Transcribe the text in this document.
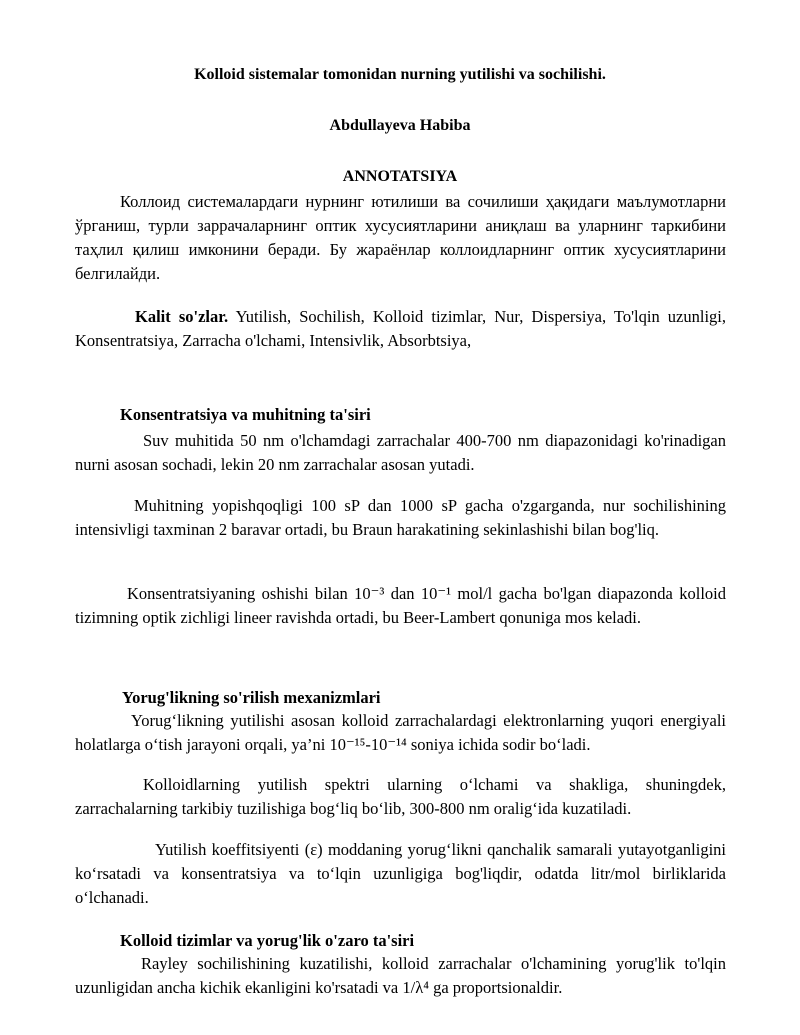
Kolloid sistemalar tomonidan nurning yutilishi va sochilishi.
Abdullayeva Habiba
ANNOTATSIYA

Коллоид системалардаги нурнинг ютилиши ва сочилиши ҳақидаги маълумотларни ўрганиш, турли заррачаларнинг оптик хусусиятларини аниқлаш ва уларнинг таркибини таҳлил қилиш имконини беради. Бу жараёнлар коллоидларнинг оптик хусусиятларини белгилайди.

Kalit so'zlar. Yutilish, Sochilish, Kolloid tizimlar, Nur, Dispersiya, To'lqin uzunligi, Konsentratsiya, Zarracha o'lchami, Intensivlik, Absorbtsiya,

Konsentratsiya va muhitning ta'siri

Suv muhitida 50 nm o'lchamdagi zarrachalar 400-700 nm diapazonidagi ko'rinadigan nurni asosan sochadi, lekin 20 nm zarrachalar asosan yutadi.

Muhitning yopishqoqligi 100 sP dan 1000 sP gacha o'zgarganda, nur sochilishining intensivligi taxminan 2 baravar ortadi, bu Braun harakatining sekinlashishi bilan bog'liq.

Konsentratsiyaning oshishi bilan 10⁻³ dan 10⁻¹ mol/l gacha bo'lgan diapazonda kolloid tizimning optik zichligi lineer ravishda ortadi, bu Beer-Lambert qonuniga mos keladi.

Yorug'likning so'rilish mexanizmlari

Yorug‘likning yutilishi asosan kolloid zarrachalardagi elektronlarning yuqori energiyali holatlarga o‘tish jarayoni orqali, ya’ni 10⁻¹⁵-10⁻¹⁴ soniya ichida sodir bo‘ladi.

Kolloidlarning yutilish spektri ularning o‘lchami va shakliga, shuningdek, zarrachalarning tarkibiy tuzilishiga bog‘liq bo‘lib, 300-800 nm oralig‘ida kuzatiladi.

Yutilish koeffitsiyenti (ε) moddaning yorug‘likni qanchalik samarali yutayotganligini ko‘rsatadi va konsentratsiya va to‘lqin uzunligiga bog'liqdir, odatda litr/mol birliklarida o‘lchanadi.

Kolloid tizimlar va yorug'lik o'zaro ta'siri

Rayley sochilishining kuzatilishi, kolloid zarrachalar o'lchamining yorug'lik to'lqin uzunligidan ancha kichik ekanligini ko'rsatadi va 1/λ⁴ ga proportsionaldir.
